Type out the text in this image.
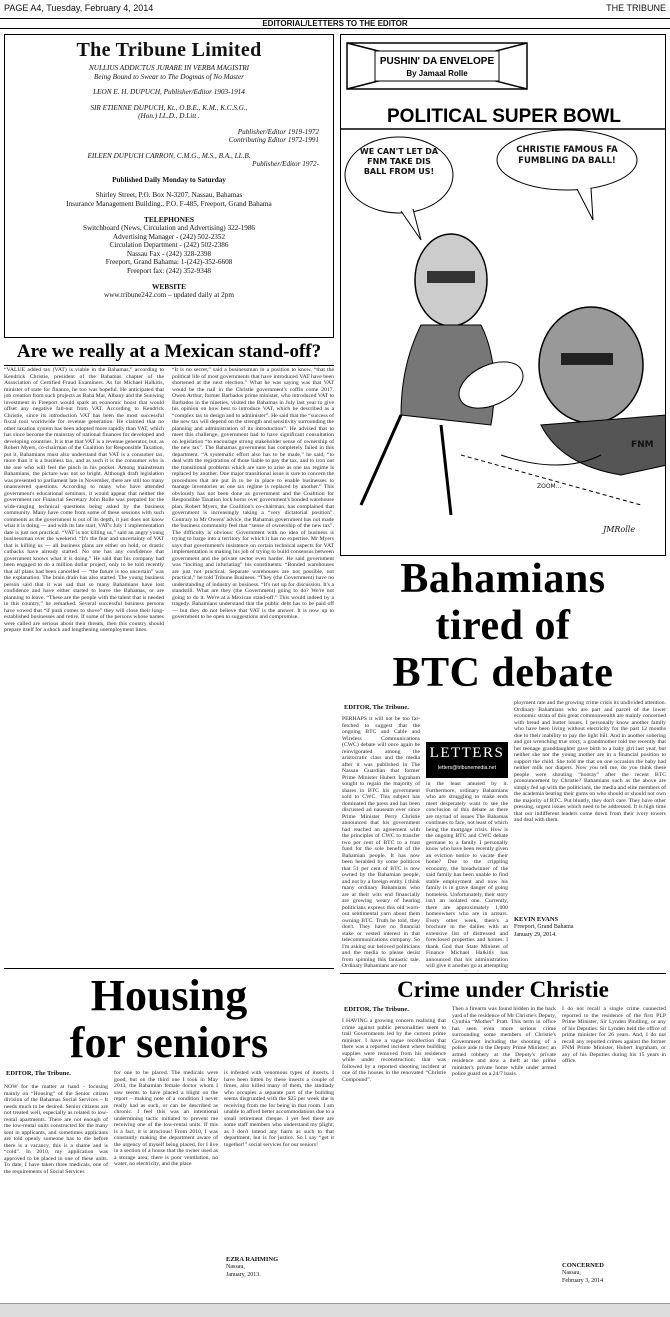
PAGE A4, Tuesday, February 4, 2014	THE TRIBUNE
EDITORIAL/LETTERS TO THE EDITOR
The Tribune Limited
NULLIUS ADDICTUS JURARE IN VERBA MAGISTRI
Being Bound to Swear to The Dogmas of No Master
LEON E. H. DUPUCH, Publisher/Editor 1903-1914
SIR ETIENNE DUPUCH, Kt., O.B.E., K.M., K.C.S.G.,
(Hon.) LL.D., D.Litt .
Publisher/Editor 1919-1972
Contributing Editor 1972-1991
EILEEN DUPUCH CARRON, C.M.G., M.S., B.A., LL.B.
Publisher/Editor 1972-
Published Daily Monday to Saturday
Shirley Street, P.O. Box N-3207, Nassau, Bahamas
Insurance Management Building., P.O. F-485, Freeport, Grand Bahama
TELEPHONES
Switchboard (News, Circulation and Advertising) 322-1986
Advertising Manager - (242) 502-2352
Circulation Department - (242) 502-2386
Nassau Fax - (242) 328-2398
Freeport, Grand Bahama: 1-(242)-352-6608
Freeport fax: (242) 352-9348
WEBSITE
www.tribune242.com – updated daily at 2pm
Are we really at a Mexican stand-off?
“VALUE added tax (VAT) is viable in the Bahamas,” according to Kendrick Christie, president of the Bahamas chapter of the Association of Certified Fraud Examiners. As for Michael Halkitis, minister of state for finance, he too was hopeful. He anticipated that job creation from such projects as Baha Mar, Albany and the Sunwing investment in Freeport would spark an economic boost that would offset any negative fall-out from VAT. According to Kendrick Christie, since its introduction VAT has been the most successful fiscal tool worldwide for revenue generation. He claimed that no other taxation system has been adopted more rapidly than VAT, which has since become the mainstay of national finances for developed and developing countries. It is true that VAT is a revenue generator, but, as Robert Myers, co-chairman of the Coalition for Responsible Taxation, put it, Bahamians must also understand that VAT is a consumer tax, more than it is a business tax, and as such it is the consumer who is the one who will feel the pinch in his pocket. Among mainstream Bahamians, the picture was not so bright. Although draft legislation was presented to parliament late in November, there are still too many unanswered questions. According to many who have attended government's educational seminars, it would appear that neither the government nor Financial Secretary John Rolle was prepared for the wide-ranging technical questions being asked by the business community. Many have come from some of these sessions with such comments as the government is out of its depth, it just does not know what it is doing — and with its late start, VAT's July 1 implementation date is just not practical. “VAT is not killing us,” said an angry young businessman over the weekend. “It's the fear and uncertainty of VAT that is killing us — all business plans are either on hold, or drastic cutbacks have already started. No one has any confidence that government knows what it is doing.” He said that his company had been engaged to do a million dollar project, only to be told recently that all plans had been cancelled — “the future is too uncertain” was the explanation. The brain drain has also started. The young business person said that it was sad that so many Bahamians have lost confidence and have either started to leave the Bahamas, or are planning to leave. “These are the people with the talent that is needed in this country,” he remarked. Several successful business persons have vowed that “if push comes to shove” they will close their long-established businesses and retire. If some of the persons whose names were called are serious about their threats, then this country should prepare itself for a shock and lengthening unemployment lines.
“It is no secret,” said a businessman in a position to know, “that the political life of most governments that have introduced VAT have been shortened at the next election.” What he was saying was that VAT would be the nail in the Christie government's coffin come 2017. Owen Arthur, former Barbados prime minister, who introduced VAT to Barbados in the nineties, visited the Bahamas in July last year to give his opinion on how best to introduce VAT, which he described as a “complex tax to design and to administer”. He said that the “success of the new tax will depend on the strength and sensitivity surrounding the planning and administration of its introduction”. He advised that to meet this challenge, government had to have significant consultation on legislation “to encourage strong stakeholder sense of ownership of the new tax”. The Bahamas government has completely failed in this department. “A systematic effort also has to be made,” he said, “to deal with the registration of those liable to pay the tax, and to iron out the transitional problems which are sure to arise as one tax regime is replaced by another. One major transitional issue is sure to concern the procedures that are put in to be in place to enable businesses to manage inventories as one tax regime is replaced by another.” This obviously has not been done as government and the Coalition for Responsible Taxation lock horns over government's bonded warehouse plan. Robert Myers, the Coalition's co-chairman, has complained that government is increasingly taking a “very dictatorial position”. Contrary to Mr Owens' advice, the Bahamas government has not made the business community feel that “sense of ownership of the new tax”. The difficulty is obvious: Government with no idea of business is trying to barge into a territory for which it has no expertise. Mr Myers says that government's insistence on certain technical aspects for VAT implementation is making his job of trying to build consensus between government and the private sector even harder. He said government was “inciting and infuriating” his constituents. “Bonded warehouses are just not practical. Separate warehouses are not possible, not practical,” he told Tribune Business. “They (the Government) have no understanding of industry or business. “It's not up for discussion. It's a standstill. What are they (the Government) going to do? We're not going to do it. We're at a Mexican stand-off.” This would indeed by a tragedy. Bahamians understand that the public debt has to be paid off — but they do not believe that VAT is the answer. It is now up to government to be open to suggestions and compromise.
PUSHIN' DA ENVELOPE
By Jamaal Rolle
POLITICAL SUPER BOWL
WE CAN'T LET DA FNM TAKE DIS BALL FROM US!
CHRISTIE FAMOUS FA FUMBLING DA BALL!
FNM
ZOOM...
JMRolle
Bahamians
tired of
BTC debate
EDITOR, The Tribune.
PERHAPS it will not be too far-fetched to suggest that the ongoing BTC and Cable and Wireless Communications (CWC) debate will once again be reinvigorated among the aristocratic class and the media after it was published in The Nassau Guardian that former Prime Minister Hubert Ingraham sought to regain the majority of shares in BTC his government sold to CWC. This subject has dominated the press and has been discussed ad nauseam ever since Prime Minister Perry Christie announced that his government had reached an agreement with the principles of CWC to transfer two per cent of BTC to a trust fund for the sole benefit of the Bahamian people. It has now been heralded by some politicos that 51 per cent of BTC is now owned by the Bahamian people, and not by a foreign entity. I think many ordinary Bahamians who are at their wits end financially are growing weary of hearing politicians express this old worn-out sentimental yarn about them owning BTC. Truth be told, they don't. They have no financial stake or vested interest in that telecommunications company. So I'm asking our beloved politicians and the media to please desist from spinning this fantastic tale. Ordinary Bahamians are not
LETTERS
letters@tribunemedia.net
in the least amused by it. Furthermore, ordinary Bahamians who are struggling to make ends meet desperately want to see the conclusion of this debate as there are myriad of issues The Bahamas continues to face, not least of which being the mortgage crisis. How is the ongoing BTC and CWC debate germane to a family I personally know who have been recently given an eviction notice to vacate their home? Due to the crippling economy, the breadwinner of the said family has been unable to find stable employment and now his family is in grave danger of going homeless. Unfortunately, their story isn't an isolated one. Currently, there are approximately 1,000 homeowners who are in arrears. Every other week, there's a brochure in the dailies with an extensive list of distressed and foreclosed properties and homes. I thank God that State Minister of Finance Michael Halkitis has announced that his administration will give it another go at attempting
ployment rate and the growing crime crisis its undivided attention. Ordinary Bahamians who are part and parcel of the lower economic strata of this great commonwealth are mainly concerned with bread and butter issues. I personally know another family who have been living without electricity for the past 12 months due to their inability to pay the light bill. And in another sobering and gut wrenching true story, a grandmother told me recently that her teenage granddaughter gave birth to a baby girl last year, but neither she nor the young mother are in a financial position to support the child. She told me that on one occasion the baby had neither milk nor diapers. Now you tell me, do you think these people were shouting “hooray” after the recent BTC pronouncement by Christie? Bahamians such as the above are simply fed up with the politicians, the media and elite members of the academia beating their gums on who should or should not own the majority of BTC. Put bluntly, they don't care. They have other pressing, urgent issues which need to be addressed. It is high time that our indifferent leaders come down from their ivory towers and deal with them.
KEVIN EVANS
Freeport, Grand Bahama
January 29, 2014.
Housing
for seniors
EDITOR, The Tribune.
NOW for the matter at hand - focusing mainly on “Housing” of the Senior citizen division of the Bahamas Social Services – It needs much to be desired. Senior citizens are not treated well, especially as related to low-rental apartments. There are not enough of the low-rental units constructed for the many sent in applicants, and sometimes applicants are told openly someone has to die before there is a vacancy, this is a shame and is “cold”. In 2010, my application was approved to be placed in one of these units. To date, I have taken three medicals, one of the requirements of Social Services
for one to be placed. The medicals were good, but on the third one I took in May 2013, the Bahamian female doctor whom I saw seems to have placed a blight on the report – making note of a condition I never really had as such, or can be described as chronic. I feel this was an intentional undermining tactic initiated to prevent me receiving one of the low-rental units. If this is a fact, it is atrocious! From 2010, I was constantly making the department aware of the urgency of myself being placed, for I live in a section of a house that the owner used as a storage area; there is poor ventilation, no water, no electricity, and the place
is infested with venomous types of insects. I have been bitten by these insects a couple of times, also killed many of them, the landlady who occupies a separate part of the building seems disgruntled with the $25 per week she is receiving from me for being in that room. I am unable to afford better accommodations due to a small retirement cheque. I yet feel there are some staff members who understand my plight, as I don't intend any harm as such to that department, but is for justice. So I say “get it together!” social services for our seniors!
EZRA RAHMING
Nassau,
January, 2013.
Crime under Christie
EDITOR, The Tribune.
I HAVING a growing concern realising that crime against public personalities seem to trail Governments led by the current prime minister. I have a vague recollection that there was a reported incident where building supplies were removed from his residence while under reconstruction; that was followed by a reported shooting incident at one of the houses in the renovated “Christie Compound”.
Then a firearm was found hidden in the back yard of the residence of Mr Christie's Deputy, Cynthia “Mother” Pratt. This term in office has seen even more serious crime surrounding some members of Christie's Government including the shooting of a police aide to the Deputy Prime Minister; an armed robbery at the Deputy's private residence and now a theft at the prime minister's private home while under armed police guard on a 24/7 basis.
I do not recall a single crime connected reported to the residence of the first PLP Prime Minister, Sir Lynden Pindling, or any of his Deputies. Sir Lynden held the office of prime minister for 26 years. And, I do not recall any reported crimes against the former FNM Prime Minister, Hubert Ingraham, or any of his Deputies during his 15 years in office.
CONCERNED
Nassau,
February 3, 2014
